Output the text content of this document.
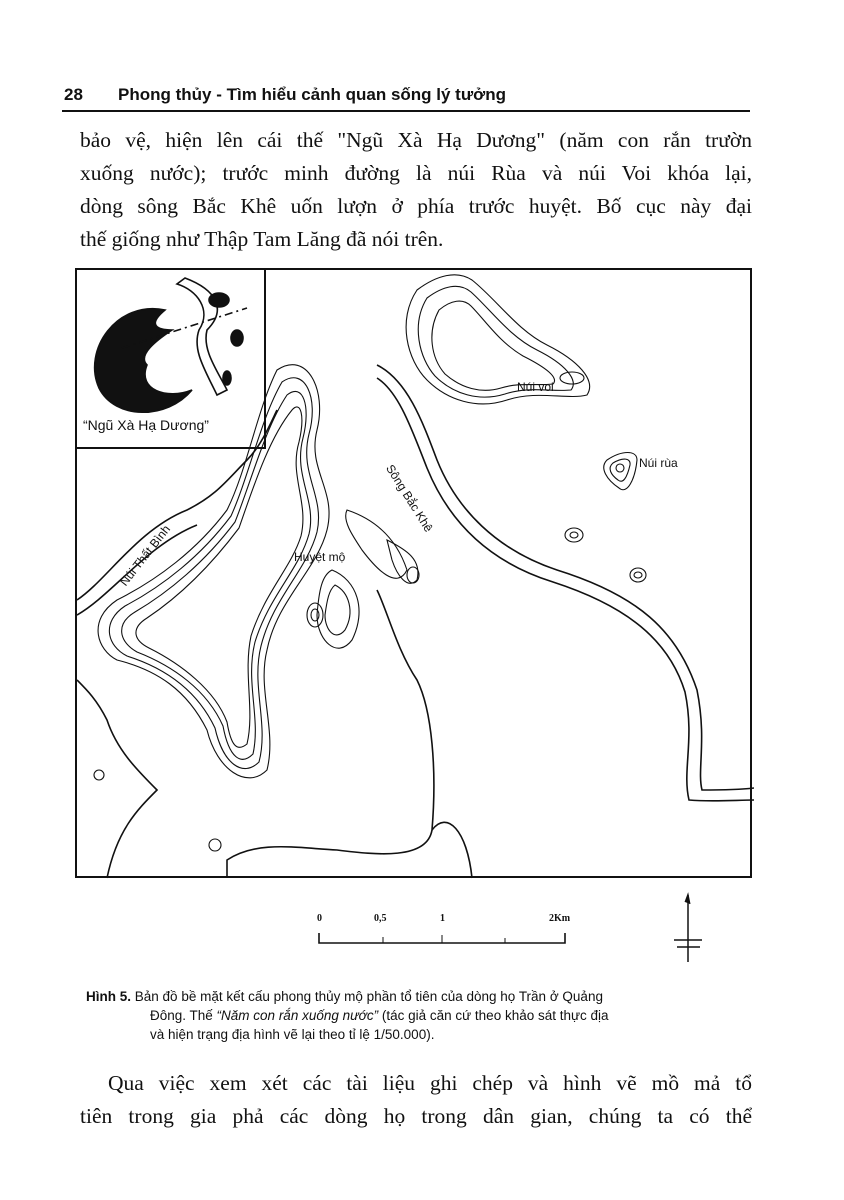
28 Phong thủy - Tìm hiểu cảnh quan sống lý tưởng
bảo vệ, hiện lên cái thế "Ngũ Xà Hạ Dương" (năm con rắn trườn
xuống nước); trước minh đường là núi Rùa và núi Voi khóa lại,
dòng sông Bắc Khê uốn lượn ở phía trước huyệt. Bố cục này đại
thế giống như Thập Tam Lăng đã nói trên.
“Ngũ Xà Hạ Dương”
Núi voi
Núi rùa
Sông Bắc Khê
Núi Thất Bình	Huyệt mộ
0	0,5	1	2Km
Hình 5. Bản đồ bề mặt kết cấu phong thủy mộ phần tổ tiên của dòng họ Trần ở Quảng
Đông. Thế “Năm con rắn xuống nước” (tác giả căn cứ theo khảo sát thực địa
và hiện trạng địa hình vẽ lại theo tỉ lệ 1/50.000).
Qua việc xem xét các tài liệu ghi chép và hình vẽ mồ mả tổ
tiên trong gia phả các dòng họ trong dân gian, chúng ta có thể
